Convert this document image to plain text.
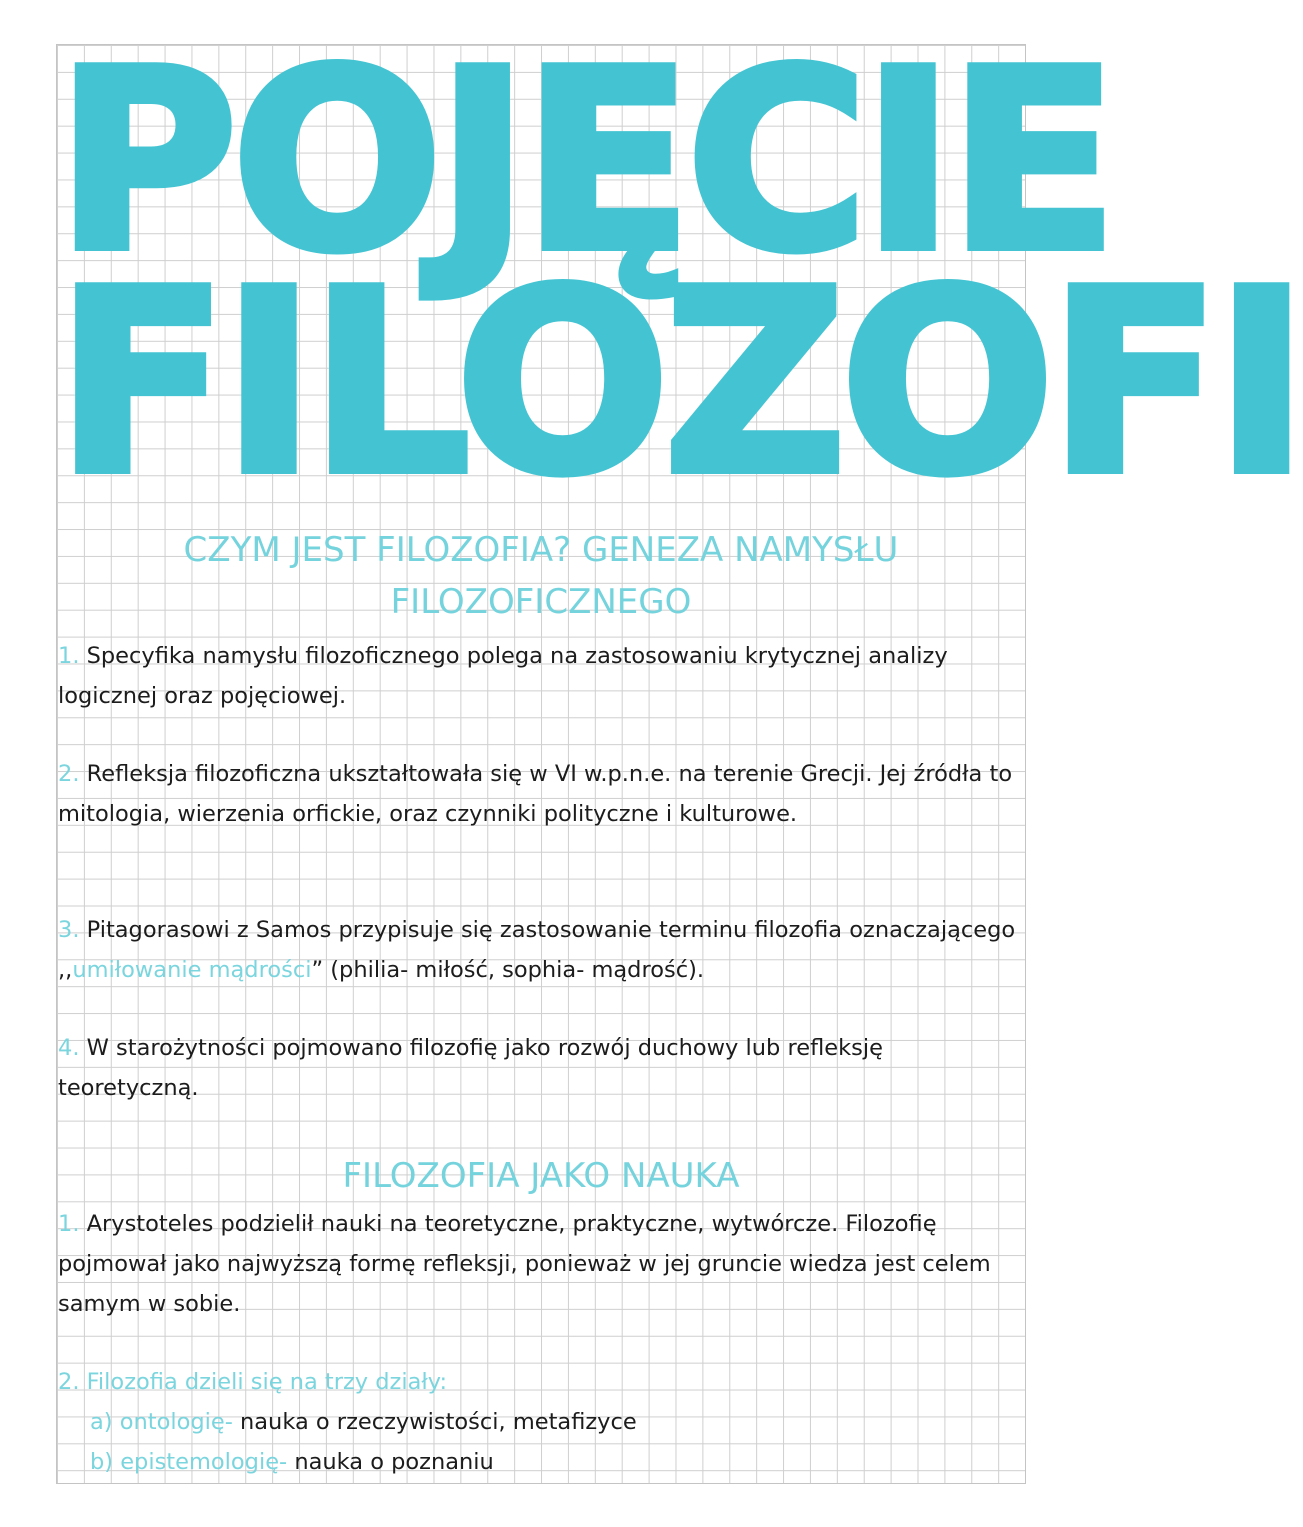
POJĘCIE
FILOZOFI
CZYM JEST FILOZOFIA? GENEZA NAMYSŁU
FILOZOFICZNEGO

1. Specyfika namysłu filozoficznego polega na zastosowaniu krytycznej analizy logicznej oraz pojęciowej.

2. Refleksja filozoficzna ukształtowała się w VI w.p.n.e. na terenie Grecji. Jej źródła to mitologia, wierzenia orfickie, oraz czynniki polityczne i kulturowe.

3. Pitagorasowi z Samos przypisuje się zastosowanie terminu filozofia oznaczającego ,,umiłowanie mądrości” (philia- miłość, sophia- mądrość).

4. W starożytności pojmowano filozofię jako rozwój duchowy lub refleksję teoretyczną.

FILOZOFIA JAKO NAUKA

1. Arystoteles podzielił nauki na teoretyczne, praktyczne, wytwórcze. Filozofię pojmował jako najwyższą formę refleksji, ponieważ w jej gruncie wiedza jest celem samym w sobie.

2. Filozofia dzieli się na trzy działy:

a) ontologię- nauka o rzeczywistości, metafizyce

b) epistemologię- nauka o poznaniu
